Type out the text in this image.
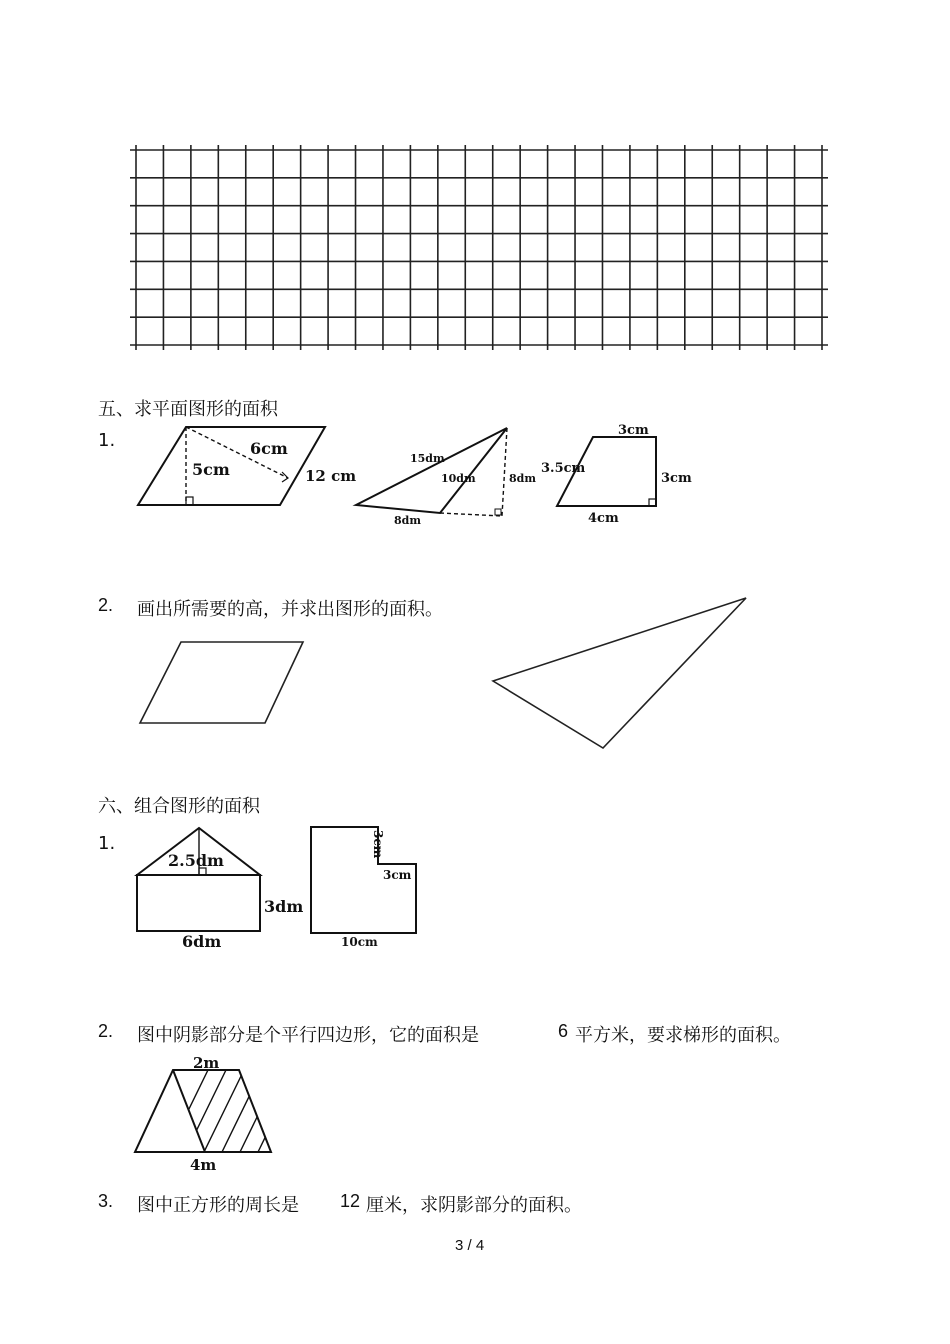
五、求平面图形的面积
1.	6cm
5cm	12 cm
15dm
10dm	8dm
8dm
3cm
3.5cm
3cm
4cm
2. 画出所需要的高，并求出图形的面积。
六、组合图形的面积
1.
2.5dm
3dm
6dm
3cm
3cm
10cm
2. 图中阴影部分是个平行四边形，它的面积是	6 平方米，要求梯形的面积。
2m
4m
3. 图中正方形的周长是 12 厘米，求阴影部分的面积。
3 / 4
